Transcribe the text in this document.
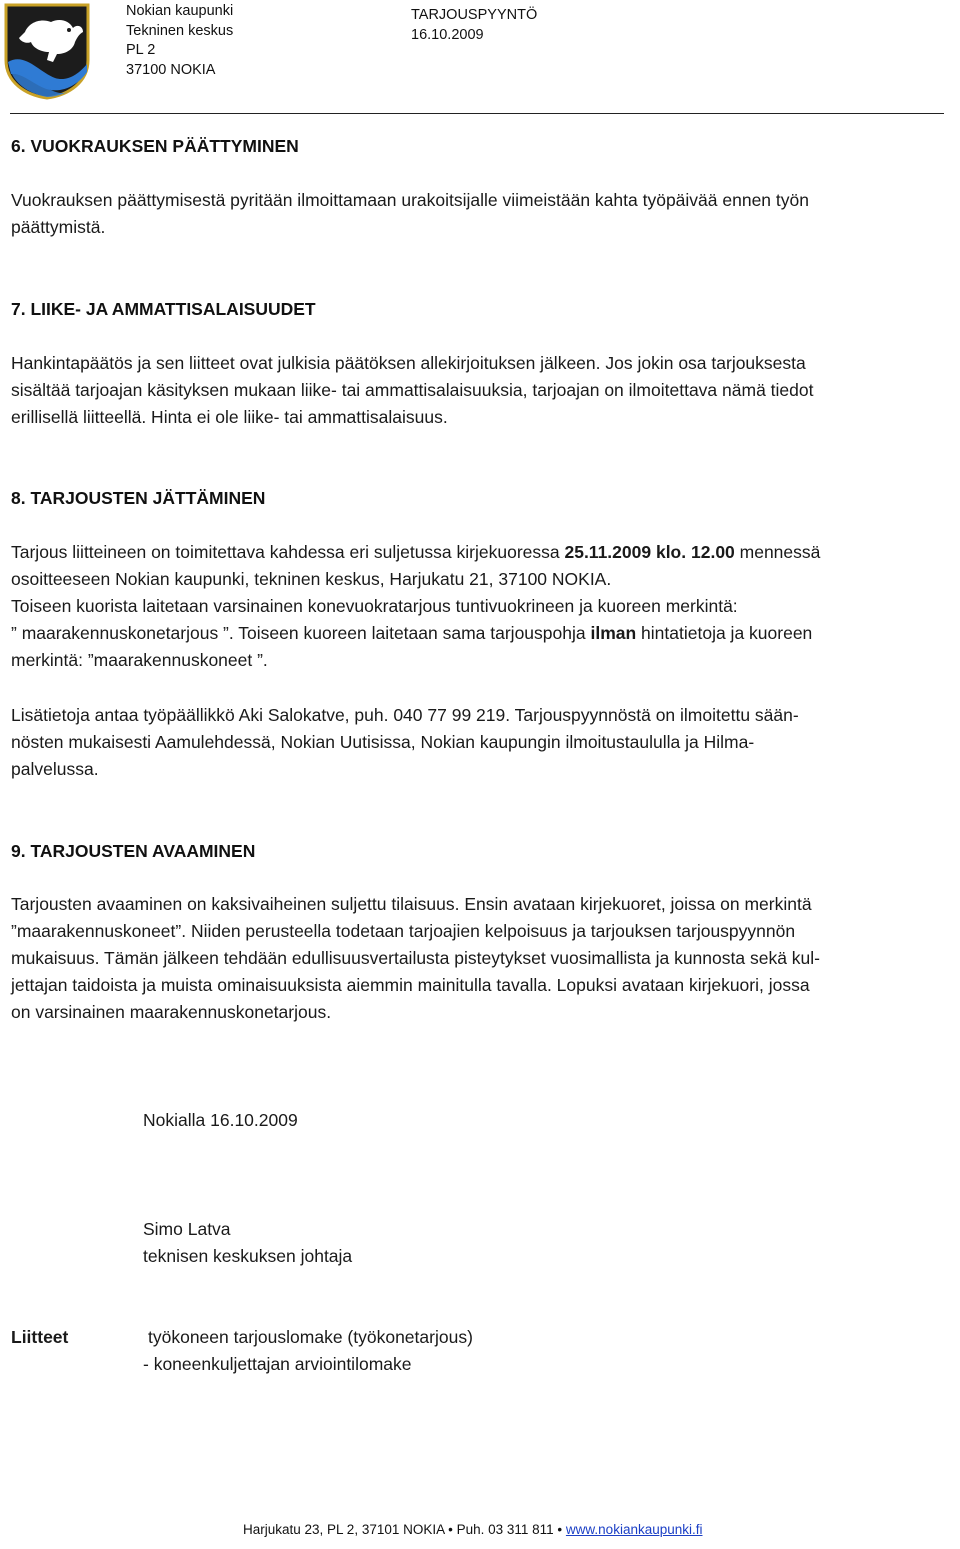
Nokian kaupunki
Tekninen keskus
PL 2
37100 NOKIA
TARJOUSPYYNTÖ
16.10.2009
6. VUOKRAUKSEN PÄÄTTYMINEN
Vuokrauksen päättymisestä pyritään ilmoittamaan urakoitsijalle viimeistään kahta työpäivää ennen työn
päättymistä.
7. LIIKE- JA AMMATTISALAISUUDET
Hankintapäätös ja sen liitteet ovat julkisia päätöksen allekirjoituksen jälkeen. Jos jokin osa tarjouksesta
sisältää tarjoajan käsityksen mukaan liike- tai ammattisalaisuuksia, tarjoajan on ilmoitettava nämä tiedot
erillisellä liitteellä. Hinta ei ole liike- tai ammattisalaisuus.
8. TARJOUSTEN JÄTTÄMINEN
Tarjous liitteineen on toimitettava kahdessa eri suljetussa kirjekuoressa 25.11.2009 klo. 12.00 mennessä
osoitteeseen Nokian kaupunki, tekninen keskus, Harjukatu 21, 37100 NOKIA.
Toiseen kuorista laitetaan varsinainen konevuokratarjous tuntivuokrineen ja kuoreen merkintä:
” maarakennuskonetarjous ”. Toiseen kuoreen laitetaan sama tarjouspohja ilman hintatietoja ja kuoreen
merkintä: ”maarakennuskoneet ”.
Lisätietoja antaa työpäällikkö Aki Salokatve, puh. 040 77 99 219. Tarjouspyynnöstä on ilmoitettu sään-
nösten mukaisesti Aamulehdessä, Nokian Uutisissa, Nokian kaupungin ilmoitustaululla ja Hilma-
palvelussa.
9. TARJOUSTEN AVAAMINEN
Tarjousten avaaminen on kaksivaiheinen suljettu tilaisuus. Ensin avataan kirjekuoret, joissa on merkintä
”maarakennuskoneet”. Niiden perusteella todetaan tarjoajien kelpoisuus ja tarjouksen tarjouspyynnön
mukaisuus. Tämän jälkeen tehdään edullisuusvertailusta pisteytykset vuosimallista ja kunnosta sekä kul-
jettajan taidoista ja muista ominaisuuksista aiemmin mainitulla tavalla. Lopuksi avataan kirjekuori, jossa
on varsinainen maarakennuskonetarjous.
Nokialla 16.10.2009
Simo Latva
teknisen keskuksen johtaja
Liitteet	työkoneen tarjouslomake (työkonetarjous)
- koneenkuljettajan arviointilomake
Harjukatu 23, PL 2, 37101 NOKIA • Puh. 03 311 811 • www.nokiankaupunki.fi
